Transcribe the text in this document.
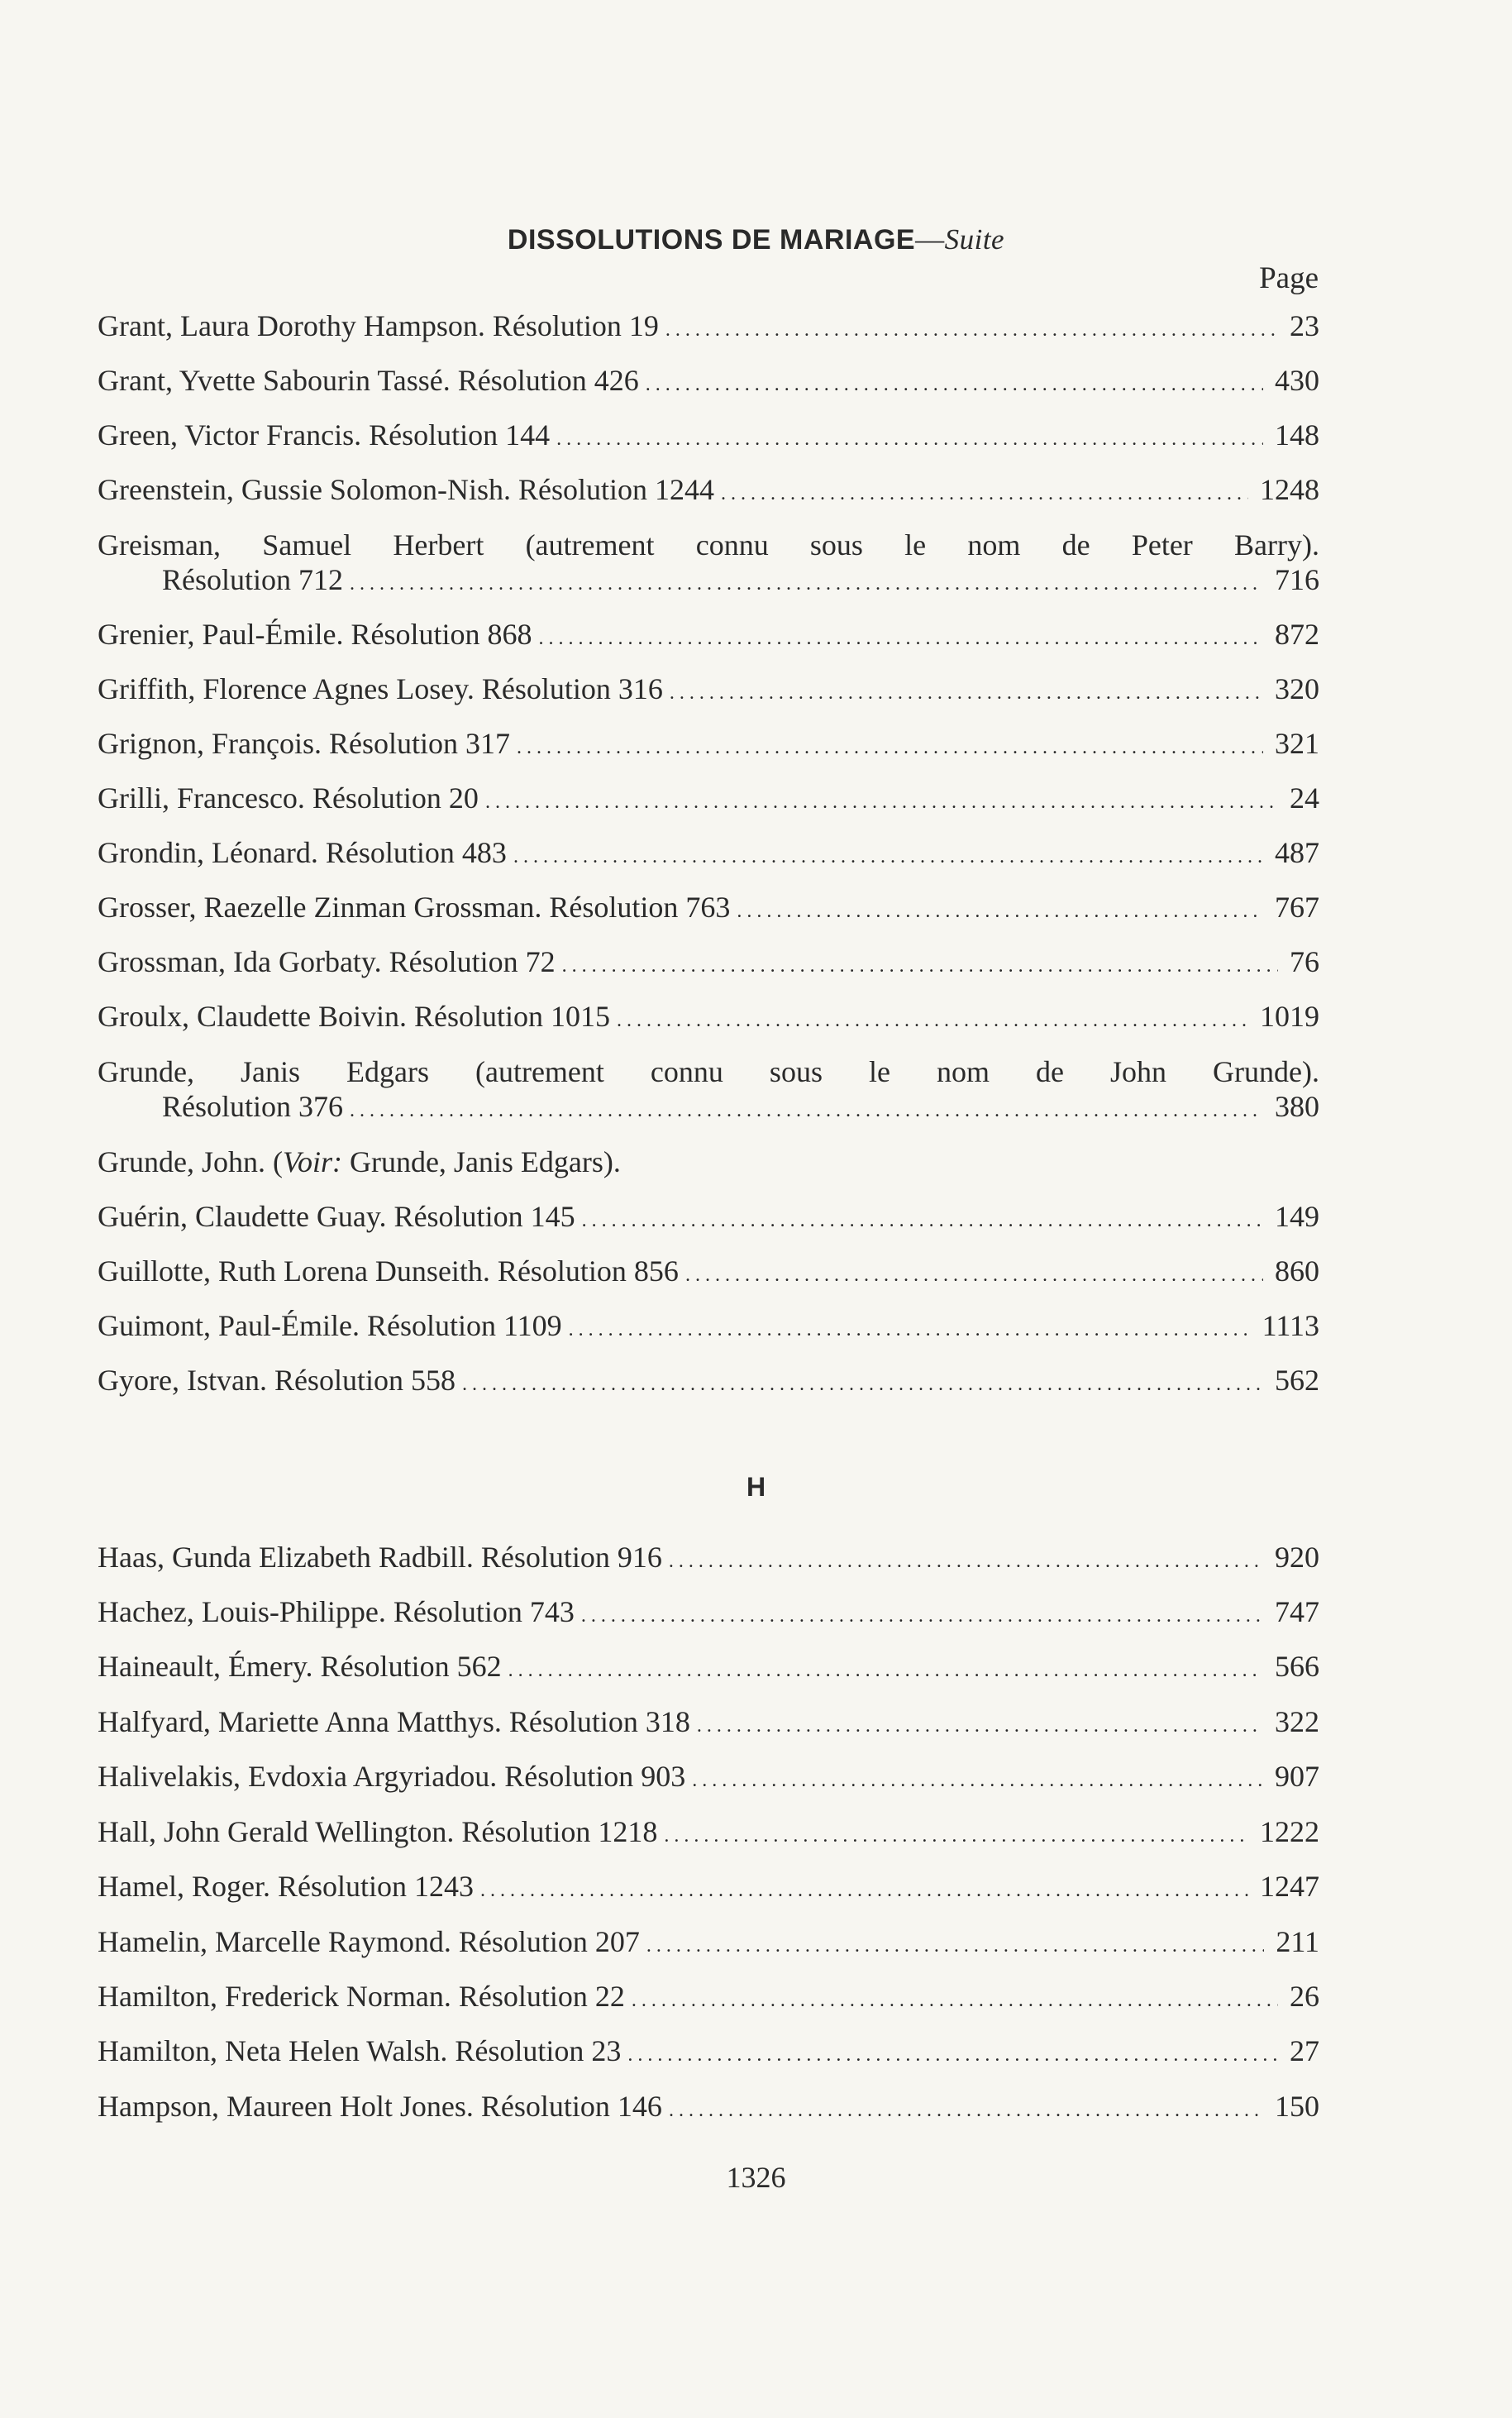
DISSOLUTIONS DE MARIAGE—Suite
Page
Grant, Laura Dorothy Hampson. Résolution 19 . . .	23
Grant, Yvette Sabourin Tassé. Résolution 426 . . .	430
Green, Victor Francis. Résolution 144 . . .	148
Greenstein, Gussie Solomon-Nish. Résolution 1244 . . .	1248
Greisman, Samuel Herbert (autrement connu sous le nom de Peter Barry).
Résolution 712 . . .	716
Grenier, Paul-Émile. Résolution 868 . . .	872
Griffith, Florence Agnes Losey. Résolution 316 . . .	320
Grignon, François. Résolution 317 . . .	321
Grilli, Francesco. Résolution 20 . . .	24
Grondin, Léonard. Résolution 483 . . .	487
Grosser, Raezelle Zinman Grossman. Résolution 763 . . .	767
Grossman, Ida Gorbaty. Résolution 72 . . .	76
Groulx, Claudette Boivin. Résolution 1015 . . .	1019
Grunde, Janis Edgars (autrement connu sous le nom de John Grunde).
Résolution 376 . . .	380
Grunde, John. ( Voir: Grunde, Janis Edgars).
Guérin, Claudette Guay. Résolution 145 . . .	149
Guillotte, Ruth Lorena Dunseith. Résolution 856 . . .	860
Guimont, Paul-Émile. Résolution 1109 . . .	1113
Gyore, Istvan. Résolution 558 . . .	562
H
Haas, Gunda Elizabeth Radbill. Résolution 916 . . .	920
Hachez, Louis-Philippe. Résolution 743 . . .	747
Haineault, Émery. Résolution 562 . . .	566
Halfyard, Mariette Anna Matthys. Résolution 318 . . .	322
Halivelakis, Evdoxia Argyriadou. Résolution 903 . . .	907
Hall, John Gerald Wellington. Résolution 1218 . . .	1222
Hamel, Roger. Résolution 1243 . . .	1247
Hamelin, Marcelle Raymond. Résolution 207 . . .	211
Hamilton, Frederick Norman. Résolution 22 . . .	26
Hamilton, Neta Helen Walsh. Résolution 23 . . .	27
Hampson, Maureen Holt Jones. Résolution 146 . . .	150
1326
